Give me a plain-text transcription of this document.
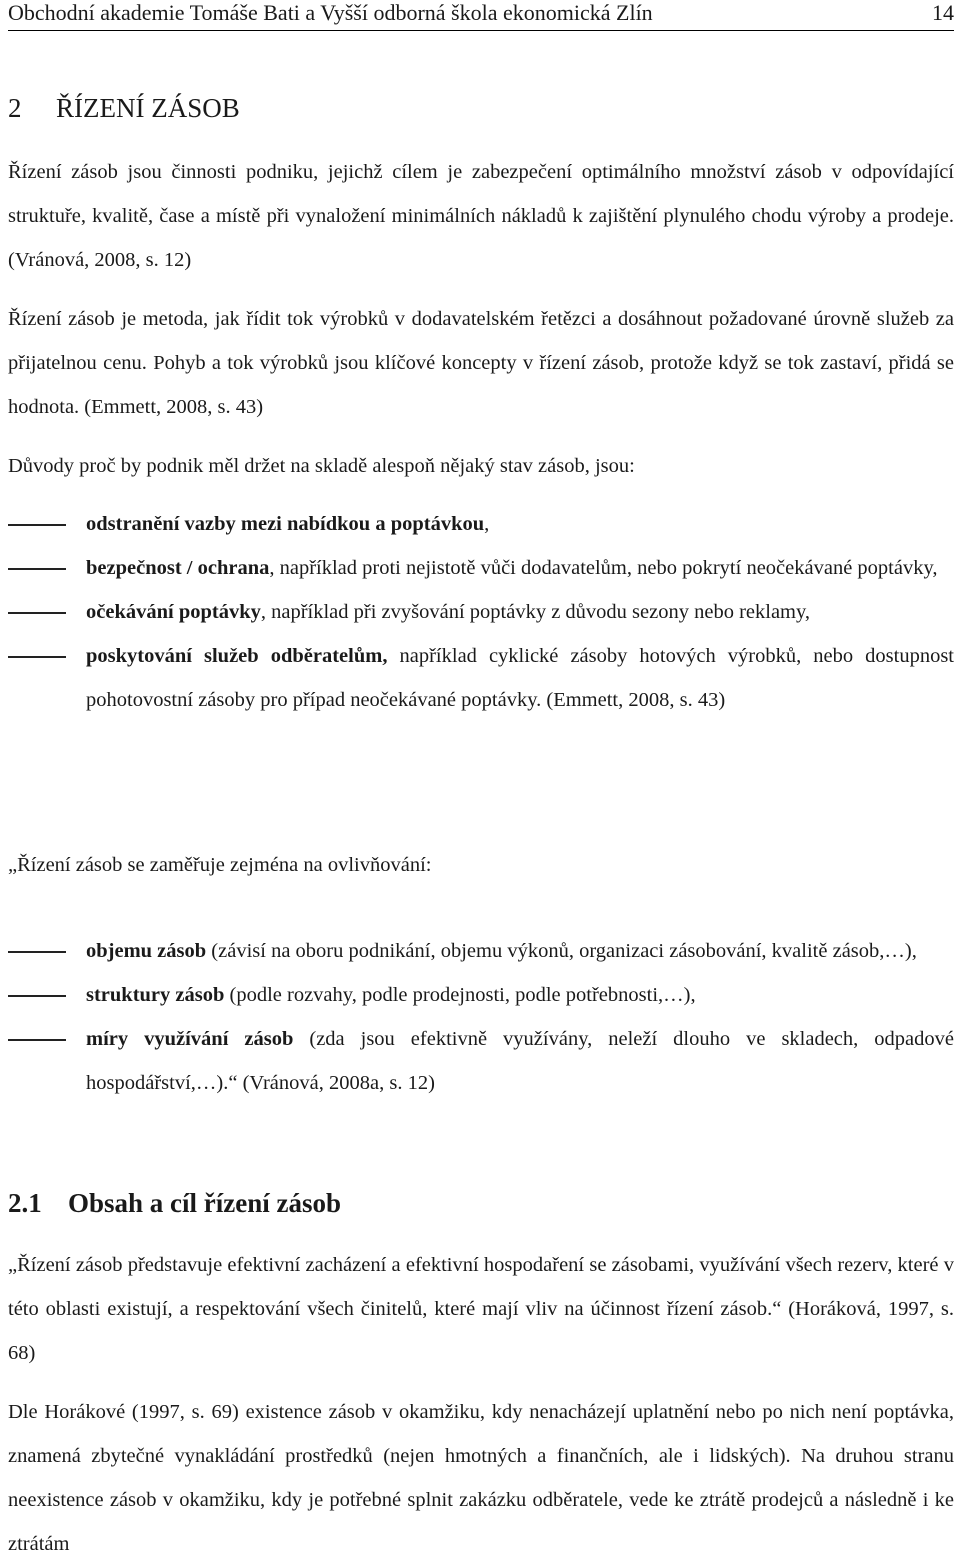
Obchodní akademie Tomáše Bati a Vyšší odborná škola ekonomická Zlín	14
2 ŘÍZENÍ ZÁSOB

Řízení zásob jsou činnosti podniku, jejichž cílem je zabezpečení optimálního množství zásob v odpovídající struktuře, kvalitě, čase a místě při vynaložení minimálních nákladů k zajištění plynulého chodu výroby a prodeje. (Vránová, 2008, s. 12)

Řízení zásob je metoda, jak řídit tok výrobků v dodavatelském řetězci a dosáhnout požadované úrovně služeb za přijatelnou cenu. Pohyb a tok výrobků jsou klíčové koncepty v řízení zásob, protože když se tok zastaví, přidá se hodnota. (Emmett, 2008, s. 43)

Důvody proč by podnik měl držet na skladě alespoň nějaký stav zásob, jsou:

odstranění vazby mezi nabídkou a poptávkou,
bezpečnost / ochrana, například proti nejistotě vůči dodavatelům, nebo pokrytí neočekávané poptávky,
očekávání poptávky, například při zvyšování poptávky z důvodu sezony nebo reklamy,
poskytování služeb odběratelům, například cyklické zásoby hotových výrobků, nebo dostupnost pohotovostní zásoby pro případ neočekávané poptávky. (Emmett, 2008, s. 43)

„Řízení zásob se zaměřuje zejména na ovlivňování:

objemu zásob (závisí na oboru podnikání, objemu výkonů, organizaci zásobování, kvalitě zásob,…),
struktury zásob (podle rozvahy, podle prodejnosti, podle potřebnosti,…),
míry využívání zásob (zda jsou efektivně využívány, neleží dlouho ve skladech, odpadové hospodářství,…).“ (Vránová, 2008a, s. 12)
2.1 Obsah a cíl řízení zásob

„Řízení zásob představuje efektivní zacházení a efektivní hospodaření se zásobami, využívání všech rezerv, které v této oblasti existují, a respektování všech činitelů, které mají vliv na účinnost řízení zásob.“ (Horáková, 1997, s. 68)

Dle Horákové (1997, s. 69) existence zásob v okamžiku, kdy nenacházejí uplatnění nebo po nich není poptávka, znamená zbytečné vynakládání prostředků (nejen hmotných a finančních, ale i lidských). Na druhou stranu neexistence zásob v okamžiku, kdy je potřebné splnit zakázku odběratele, vede ke ztrátě prodejců a následně i ke ztrátám
